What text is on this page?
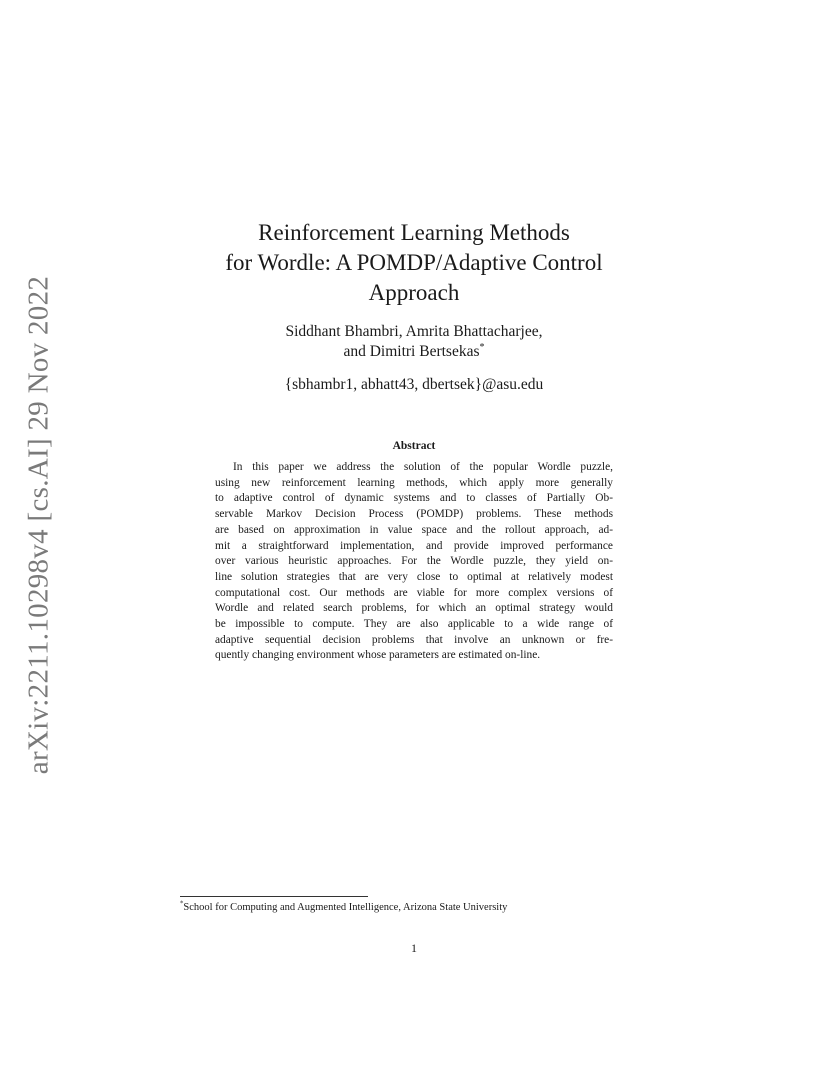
arXiv:2211.10298v4 [cs.AI] 29 Nov 2022
Reinforcement Learning Methods
for Wordle: A POMDP/Adaptive Control
Approach
Siddhant Bhambri, Amrita Bhattacharjee,
and Dimitri Bertsekas*
{sbhambr1, abhatt43, dbertsek}@asu.edu
Abstract
In this paper we address the solution of the popular Wordle puzzle,
using new reinforcement learning methods, which apply more generally
to adaptive control of dynamic systems and to classes of Partially Ob-
servable Markov Decision Process (POMDP) problems. These methods
are based on approximation in value space and the rollout approach, ad-
mit a straightforward implementation, and provide improved performance
over various heuristic approaches. For the Wordle puzzle, they yield on-
line solution strategies that are very close to optimal at relatively modest
computational cost. Our methods are viable for more complex versions of
Wordle and related search problems, for which an optimal strategy would
be impossible to compute. They are also applicable to a wide range of
adaptive sequential decision problems that involve an unknown or fre-
quently changing environment whose parameters are estimated on-line.
*School for Computing and Augmented Intelligence, Arizona State University
1
